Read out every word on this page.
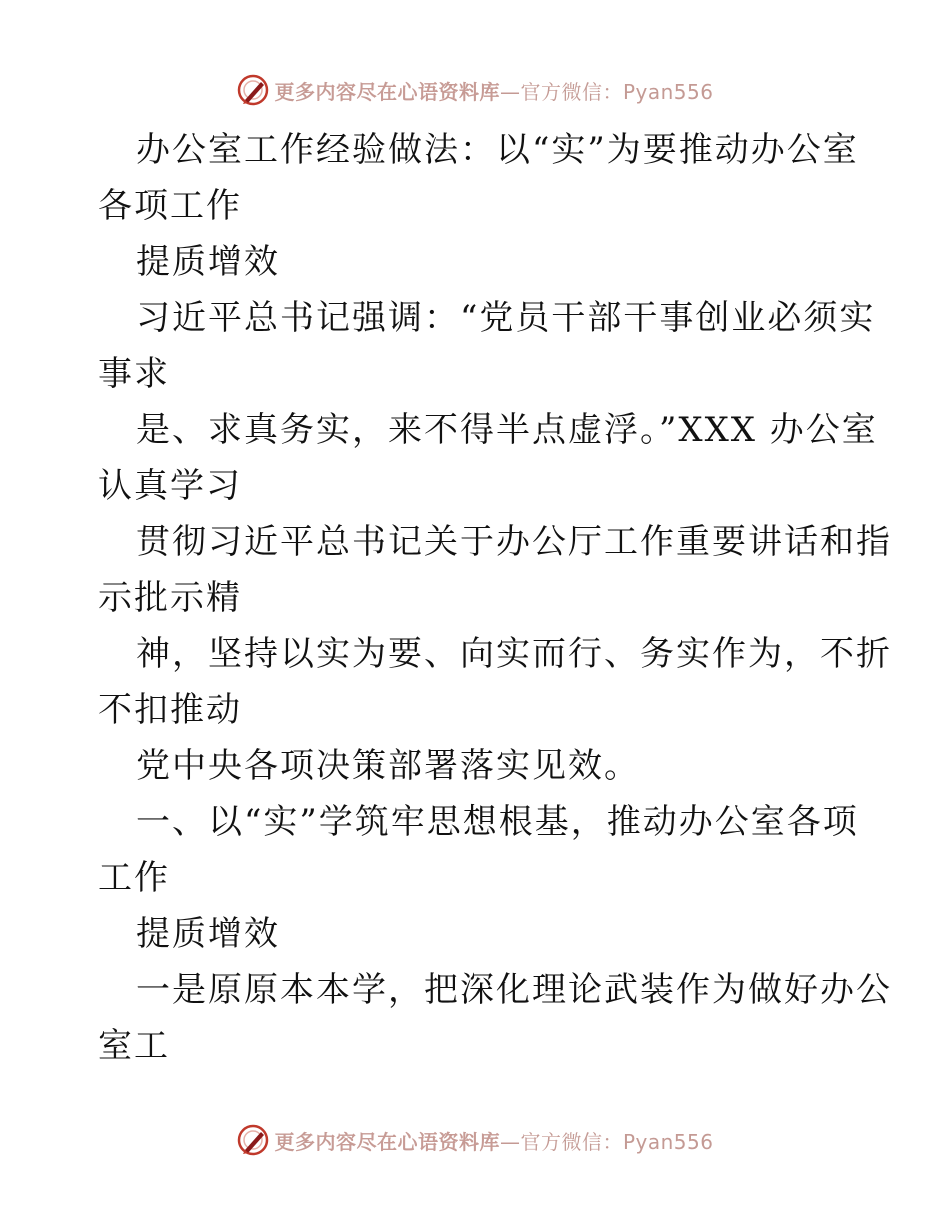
更多内容尽在心语资料库—官方微信：Pyan556
办公室工作经验做法：以“实”为要推动办公室
各项工作
提质增效
习近平总书记强调：“党员干部干事创业必须实
事求
是、求真务实，来不得半点虚浮。”XXX 办公室
认真学习
贯彻习近平总书记关于办公厅工作重要讲话和指
示批示精
神，坚持以实为要、向实而行、务实作为，不折
不扣推动
党中央各项决策部署落实见效。
一、以“实”学筑牢思想根基，推动办公室各项
工作
提质增效
一是原原本本学，把深化理论武装作为做好办公
室工
更多内容尽在心语资料库—官方微信：Pyan556
